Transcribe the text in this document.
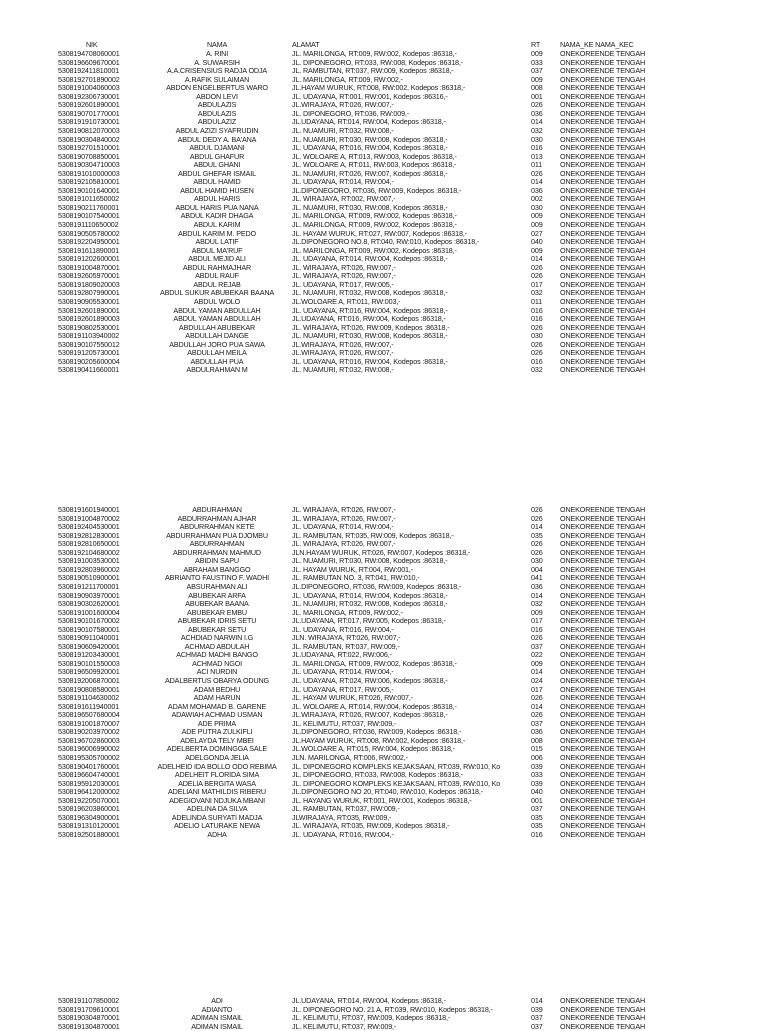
NIK	NAMA	ALAMAT	RT	NAMA_KE NAMA_KEC
5308194708060001	A. RINI	JL. MARILONGA, RT:009, RW:002, Kodepos :86318,-	009	ONEKOREENDE TENGAH
5308196609670001	A. SUWARSIH	JL. DIPONEGORO, RT:033, RW:008, Kodepos :86318,-	033	ONEKOREENDE TENGAH
5308192411810001	A.A.CRISENSIUS RADJA ODJA	JL. RAMBUTAN, RT:037, RW:009, Kodepos :86318,-	037	ONEKOREENDE TENGAH
5308192701890002	A.RAFIK SULAIMAN	JL. MARILONGA, RT:009, RW:002,-	009	ONEKOREENDE TENGAH
5308191004060003	ABDON ENGELBERTUS WARO	JL.HAYAM WURUK, RT:008, RW:002, Kodepos :86318,-	008	ONEKOREENDE TENGAH
5308192306730001	ABDON LEVI	JL. UDAYANA, RT:001, RW:001, Kodepos :86316,-	001	ONEKOREENDE TENGAH
5308192601890001	ABDULAZIS	JL.WIRAJAYA, RT:026, RW:007,-	026	ONEKOREENDE TENGAH
5308190701770001	ABDULAZIS	JL. DIPONEGORO, RT:036, RW:009,-	036	ONEKOREENDE TENGAH
5308191910730001	ABDULAZIZ	JL.UDAYANA, RT:014, RW:004, Kodepos :86318,-	014	ONEKOREENDE TENGAH
5308190812070003	ABDUL AZIZI SYAFRUDIN	JL. NUAMURI, RT:032, RW:008,-	032	ONEKOREENDE TENGAH
5308190304840002	ABDUL DEDY A. BA'ANA	JL. NUAMURI, RT:030, RW:008, Kodepos :86318,-	030	ONEKOREENDE TENGAH
5308192701510001	ABDUL DJAMANI	JL. UDAYANA, RT:016, RW:004, Kodepos :86318,-	016	ONEKOREENDE TENGAH
5308190708850001	ABDUL GHAFUR	JL. WOLOARE A, RT:013, RW:003, Kodepos :86318,-	013	ONEKOREENDE TENGAH
5308190304710003	ABDUL GHANI	JL. WOLOARE A, RT:011, RW:003, Kodepos :86318,-	011	ONEKOREENDE TENGAH
5308191010000003	ABDUL GHEFAR ISMAIL	JL. NUAMURI, RT:026, RW:007, Kodepos :86318,-	026	ONEKOREENDE TENGAH
5308192105810001	ABDUL HAMID	JL. UDAYANA, RT:014, RW:004,-	014	ONEKOREENDE TENGAH
5308190101640001	ABDUL HAMID HUSEN	JL.DIPONEGORO, RT:036, RW:009, Kodepos :86318,-	036	ONEKOREENDE TENGAH
5308191011650002	ABDUL HARIS	JL. WIRAJAYA, RT:002, RW:007,-	002	ONEKOREENDE TENGAH
5308190211760001	ABDUL HARIS PUA NANA	JL. NUAMURI, RT:030, RW:008, Kodepos :86318,-	030	ONEKOREENDE TENGAH
5308190107540001	ABDUL KADIR DHAGA	JL. MARILONGA, RT:009, RW:002, Kodepos :86318,-	009	ONEKOREENDE TENGAH
5308191110650002	ABDUL KARIM	JL. MARILONGA, RT:009, RW:002, Kodepos :86318,-	009	ONEKOREENDE TENGAH
5308190505780002	ABDUL KARIM M. PEDO	JL. HAYAM WURUK, RT:027, RW:007, Kodepos :86318,-	027	ONEKOREENDE TENGAH
5308192204950001	ABDUL LATIF	JL.DIPONEGORO NO.8, RT:040, RW:010, Kodepos :86318,-	040	ONEKOREENDE TENGAH
5308191611890001	ABDUL MA'RUF	JL. MARILONGA, RT:009, RW:002, Kodepos :86318,-	009	ONEKOREENDE TENGAH
5308191202600001	ABDUL MEJID ALI	JL. UDAYANA, RT:014, RW:004, Kodepos :86318,-	014	ONEKOREENDE TENGAH
5308191004870001	ABDUL RAHMAJHAR	JL. WIRAJAYA, RT:026, RW:007,-	026	ONEKOREENDE TENGAH
5308192605970001	ABDUL RAUF	JL. WIRAJAYA, RT:026, RW:007,-	026	ONEKOREENDE TENGAH
5308191809020003	ABDUL REJAB	JL. UDAYANA, RT:017, RW:005,-	017	ONEKOREENDE TENGAH
5308192807990001	ABDUL SUKUR ABUBEKAR BAANA	JL. NUAMURI, RT:032, RW:008, Kodepos :86318,-	032	ONEKOREENDE TENGAH
5308190905530001	ABDUL WOLO	JL.WOLOARE A, RT:011, RW:003,-	011	ONEKOREENDE TENGAH
5308192601890001	ABDUL YAMAN ABDULLAH	JL. UDAYANA, RT:016, RW:004, Kodepos :86318,-	016	ONEKOREENDE TENGAH
5308192601890003	ABDUL YAMAN ABDULLAH	JL.UDAYANA, RT:016, RW:004, Kodepos :86318,-	016	ONEKOREENDE TENGAH
5308190802530001	ABDULLAH ABUBEKAR	JL. WIRAJAYA, RT:026, RW:009, Kodepos :86318,-	026	ONEKOREENDE TENGAH
5308191103940002	ABDULLAH DANGE	JL. NUAMURI, RT:030, RW:008, Kodepos :86318,-	030	ONEKOREENDE TENGAH
5308190107550012	ABDULLAH JORO PUA SAWA	JL.WIRAJAYA, RT:026, RW:007,-	026	ONEKOREENDE TENGAH
5308191205730001	ABDULLAH MEILA	JL.WIRAJAYA, RT:026, RW:007,-	026	ONEKOREENDE TENGAH
5308190205600004	ABDULLAH PUA	JL. UDAYANA, RT:016, RW:004, Kodepos :86318,-	016	ONEKOREENDE TENGAH
5308190411660001	ABDULRAHMAN M	JL. NUAMURI, RT:032, RW:008,-	032	ONEKOREENDE TENGAH
5308191601940001	ABDURAHMAN	JL. WIRAJAYA, RT:026, RW:007,-	026	ONEKOREENDE TENGAH
5308191004870002	ABDURRAHMAN AJHAR	JL. WIRAJAYA, RT:026, RW:007,-	026	ONEKOREENDE TENGAH
5308192404530001	ABDURRAHMAN KETE	JL. UDAYANA, RT:014, RW:004,-	014	ONEKOREENDE TENGAH
5308192812830001	ABDURRAHMAN PUA DJOMBU	JL. RAMBUTAN, RT:035, RW:009, Kodepos :86318,-	035	ONEKOREENDE TENGAH
5308192810650001	ABDURRAHMAN	JL. WIRAJAYA, RT:026, RW:007,-	026	ONEKOREENDE TENGAH
5308192104680002	ABDURRAHMAN MAHMUD	JLN.HAYAM WURUK, RT:026, RW:007, Kodepos :86318,-	026	ONEKOREENDE TENGAH
5308191003530001	ABIDIN SAPU	JL. NUAMURI, RT:030, RW:008, Kodepos :86318,-	030	ONEKOREENDE TENGAH
5308192803960002	ABRAHAM BANGGO	JL. HAYAM WURUK, RT:004, RW:001,-	004	ONEKOREENDE TENGAH
5308190510900001	ABRIANTO FAUSTINO F. WADHI	JL. RAMBUTAN NO. 3, RT:041, RW:010,-	041	ONEKOREENDE TENGAH
5308191211700001	ABSURAHMAN ALI	JL.DIPONEGORO, RT:036, RW:009, Kodepos :86318,-	036	ONEKOREENDE TENGAH
5308190903970001	ABUBEKAR ARFA	JL. UDAYANA, RT:014, RW:004, Kodepos :86318,-	014	ONEKOREENDE TENGAH
5308190302620001	ABUBEKAR BAANA	JL. NUAMURI, RT:032, RW:008, Kodepos :86318,-	032	ONEKOREENDE TENGAH
5308191001600004	ABUBEKAR EMBU	JL. MARILONGA, RT:009, RW:002,-	009	ONEKOREENDE TENGAH
5308190101670002	ABUBEKAR IDRIS SETU	JL.UDAYANA, RT:017, RW:005, Kodepos :86318,-	017	ONEKOREENDE TENGAH
5308190107580001	ABUBEKAR SETU	JL. UDAYANA, RT:016, RW:004,-	016	ONEKOREENDE TENGAH
5308190911040001	ACHDIAD NARWIN I.G	JLN. WIRAJAYA, RT:026, RW:007,-	026	ONEKOREENDE TENGAH
5308190609420001	ACHMAD ABDULAH	JL. RAMBUTAN, RT:037, RW:009,-	037	ONEKOREENDE TENGAH
5308191203430001	ACHMAD MADHI BANGO	JL.UDAYANA, RT:022, RW:006,-	022	ONEKOREENDE TENGAH
5308190101550003	ACHMAD NGOI	JL. MARILONGA, RT:009, RW:002, Kodepos :86318,-	009	ONEKOREENDE TENGAH
5308196509920001	ACI NURDIN	JL. UDAYANA, RT:014, RW:004,-	014	ONEKOREENDE TENGAH
5308192006870001	ADALBERTUS OBARYA ODUNG	JL. UDAYANA, RT:024, RW:006, Kodepos :86318,-	024	ONEKOREENDE TENGAH
5308190808580001	ADAM BEDHU	JL. UDAYANA, RT:017, RW:005,-	017	ONEKOREENDE TENGAH
5308191104630002	ADAM HARUN	JL. HAYAM WURUK, RT:026, RW:007,-	026	ONEKOREENDE TENGAH
5308191611940001	ADAM MOHAMAD B. GARENE	JL. WOLOARE A, RT:014, RW:004, Kodepos :86318,-	014	ONEKOREENDE TENGAH
5308196507680004	ADAWIAH ACHMAD USMAN	JL.WIRAJAYA, RT:026, RW:007, Kodepos :86318,-	026	ONEKOREENDE TENGAH
5308191001870007	ADE PRIMA	JL. KELIMUTU, RT:037, RW:009,-	037	ONEKOREENDE TENGAH
5308190203970002	ADE PUTRA ZULKIFLI	JL.DIPONEGORO, RT:036, RW:009, Kodepos :86318,-	036	ONEKOREENDE TENGAH
5308196702860003	ADELAYDA TELY MBEI	JL.HAYAM WURUK, RT:008, RW:002, Kodepos :86318,-	008	ONEKOREENDE TENGAH
5308196006990002	ADELBERTA DOMINGGA SALE	JL.WOLOARE A, RT:015, RW:004, Kodepos :86318,-	015	ONEKOREENDE TENGAH
5308195305700002	ADELGONDA JELIA	JLN. MARILONGA, RT:006, RW:002,-	006	ONEKOREENDE TENGAH
5308190401760001	ADELHEID IDA BOLLO ODO REBIMA	JL. DIPONEGORO KOMPLEKS KEJAKSAAN, RT:039, RW:010, Ko	039	ONEKOREENDE TENGAH
5308196604740001	ADELHEIT FLORIDA SIMA	JL. DIPONEGORO, RT:033, RW:008, Kodepos :86318,-	033	ONEKOREENDE TENGAH
5308195912030001	ADELIA BERGITA WASA	JL. DIPONEGORO KOMPLEKS KEJAKSAAN, RT:039, RW:010, Ko	039	ONEKOREENDE TENGAH
5308196412000002	ADELIANI MATHILDIS RIBERU	JL.DIPONEGORO NO 20, RT:040, RW:010, Kodepos :86318,-	040	ONEKOREENDE TENGAH
5308192205070001	ADEGIOVANI NDJUKA MBANI	JL. HAYANG WURUK, RT:001, RW:001, Kodepos :86318,-	001	ONEKOREENDE TENGAH
5308196203860001	ADELINA DA SILVA	JL. RAMBUTAN, RT:037, RW:009,-	037	ONEKOREENDE TENGAH
5308196304900001	ADELINDA SURYATI MADJA	JLWIRAJAYA, RT:035, RW:009,-	035	ONEKOREENDE TENGAH
5308191310120001	ADELIO LATURAKE NEWA	JL. WIRAJAYA, RT:035, RW:009, Kodepos :86318,-	035	ONEKOREENDE TENGAH
5308192501880001	ADHA	JL. UDAYANA, RT:016, RW:004,-	016	ONEKOREENDE TENGAH
5308191107850002	ADI	JL.UDAYANA, RT:014, RW:004, Kodepos :86318,-	014	ONEKOREENDE TENGAH
5308191709610001	ADIANTO	JL. DIPONEGORO NO. 21 A, RT:039, RW:010, Kodepos :86318,-	039	ONEKOREENDE TENGAH
5308190304870001	ADIMAN ISMAIL	JL. KELIMUTU, RT:037, RW:009, Kodepos :86318,-	037	ONEKOREENDE TENGAH
5308191304870001	ADIMAN ISMAIL	JL. KELIMUTU, RT:037, RW:009,-	037	ONEKOREENDE TENGAH
